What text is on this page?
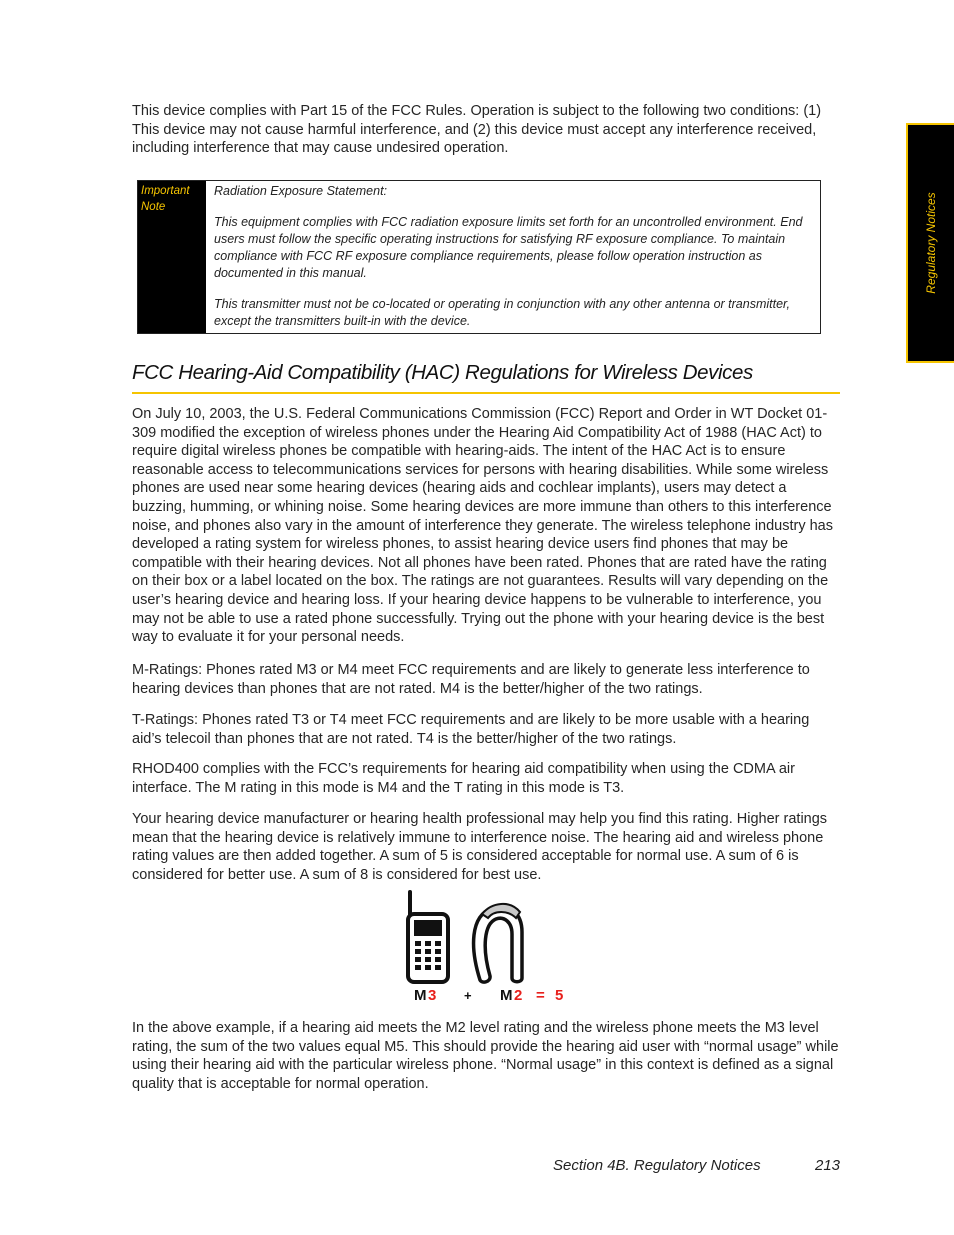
This device complies with Part 15 of the FCC Rules. Operation is subject to the following two conditions: (1) This device may not cause harmful interference, and (2) this device must accept any interference received, including interference that may cause undesired operation.

Important
Note

Radiation Exposure Statement:

This equipment complies with FCC radiation exposure limits set forth for an uncontrolled environment. End users must follow the specific operating instructions for satisfying RF exposure compliance. To maintain compliance with FCC RF exposure compliance requirements, please follow operation instruction as documented in this manual.

This transmitter must not be co-located or operating in conjunction with any other antenna or transmitter, except the transmitters built-in with the device.

FCC Hearing-Aid Compatibility (HAC) Regulations for Wireless Devices

On July 10, 2003, the U.S. Federal Communications Commission (FCC) Report and Order in WT Docket 01-309 modified the exception of wireless phones under the Hearing Aid Compatibility Act of 1988 (HAC Act) to require digital wireless phones be compatible with hearing-aids. The intent of the HAC Act is to ensure reasonable access to telecommunications services for persons with hearing disabilities. While some wireless phones are used near some hearing devices (hearing aids and cochlear implants), users may detect a buzzing, humming, or whining noise. Some hearing devices are more immune than others to this interference noise, and phones also vary in the amount of interference they generate. The wireless telephone industry has developed a rating system for wireless phones, to assist hearing device users find phones that may be compatible with their hearing devices. Not all phones have been rated. Phones that are rated have the rating on their box or a label located on the box. The ratings are not guarantees. Results will vary depending on the user’s hearing device and hearing loss. If your hearing device happens to be vulnerable to interference, you may not be able to use a rated phone successfully. Trying out the phone with your hearing device is the best way to evaluate it for your personal needs.

M-Ratings: Phones rated M3 or M4 meet FCC requirements and are likely to generate less interference to hearing devices than phones that are not rated. M4 is the better/higher of the two ratings.

T-Ratings: Phones rated T3 or T4 meet FCC requirements and are likely to be more usable with a hearing aid’s telecoil than phones that are not rated. T4 is the better/higher of the two ratings.

RHOD400 complies with the FCC’s requirements for hearing aid compatibility when using the CDMA air interface. The M rating in this mode is M4 and the T rating in this mode is T3.

Your hearing device manufacturer or hearing health professional may help you find this rating. Higher ratings mean that the hearing device is relatively immune to interference noise. The hearing aid and wireless phone rating values are then added together. A sum of 5 is considered acceptable for normal use. A sum of 6 is considered for better use. A sum of 8 is considered for best use.

M 3 + M 2 = 5

In the above example, if a hearing aid meets the M2 level rating and the wireless phone meets the M3 level rating, the sum of the two values equal M5. This should provide the hearing aid user with “normal usage” while using their hearing aid with the particular wireless phone. “Normal usage” in this context is defined as a signal quality that is acceptable for normal operation.

Regulatory Notices
Section 4B. Regulatory Notices	213
